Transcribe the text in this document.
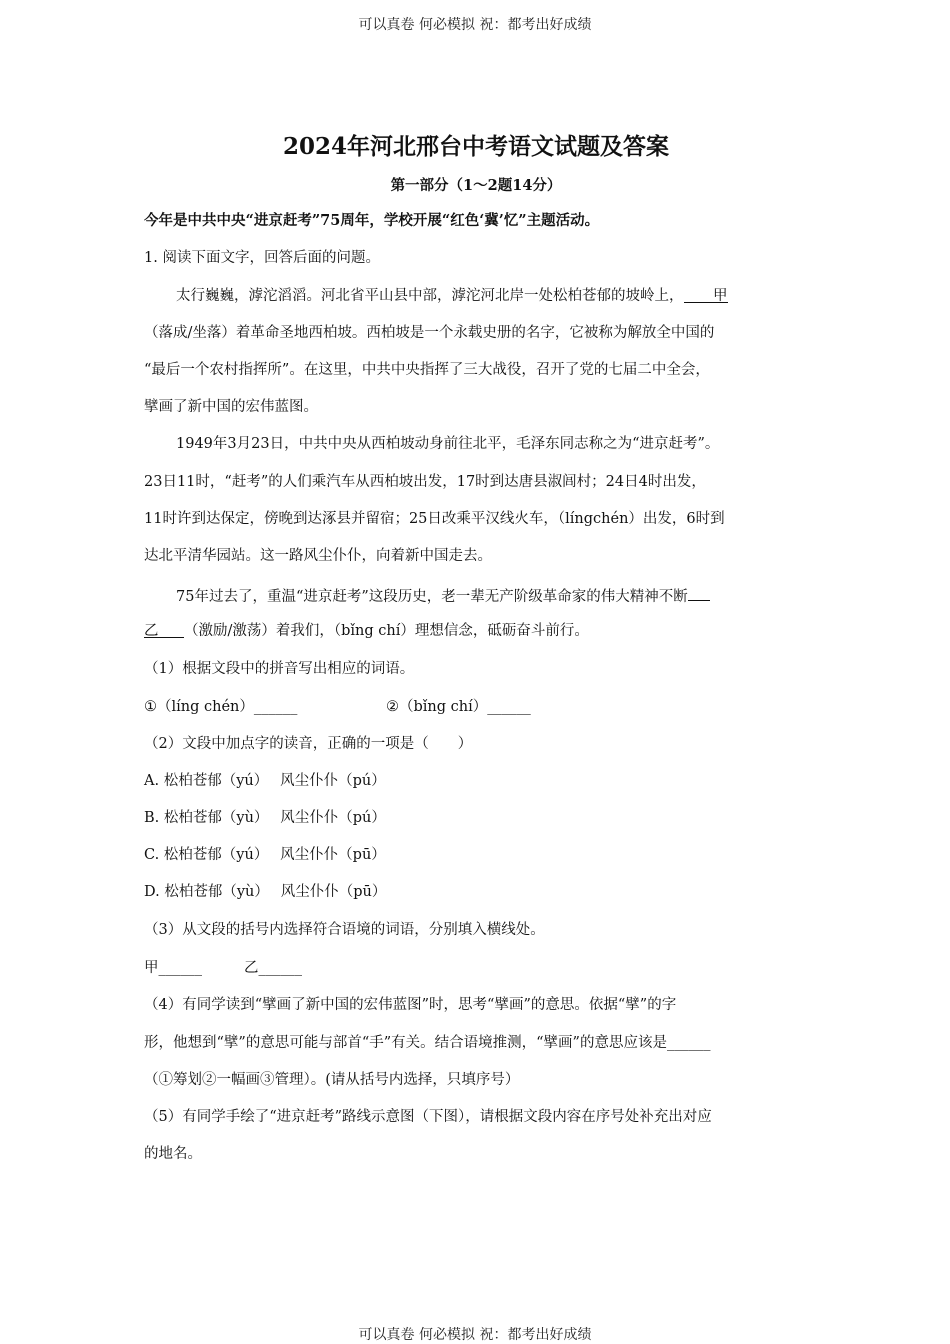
可以真卷 何必模拟 祝：都考出好成绩
2024年河北邢台中考语文试题及答案
第一部分（1～2题14分）
今年是中共中央“进京赶考”75周年，学校开展“红色‘冀’忆”主题活动。
1. 阅读下面文字，回答后面的问题。
太行巍巍，滹沱滔滔。河北省平山县中部，滹沱河北岸一处松柏苍郁的坡岭上， 甲
（落成/坐落）着革命圣地西柏坡。西柏坡是一个永载史册的名字，它被称为解放全中国的
“最后一个农村指挥所”。在这里，中共中央指挥了三大战役，召开了党的七届二中全会，
擘画了新中国的宏伟蓝图。
1949年3月23日，中共中央从西柏坡动身前往北平，毛泽东同志称之为“进京赶考”。
23日11时，“赶考”的人们乘汽车从西柏坡出发，17时到达唐县淑闾村；24日4时出发，
11时许到达保定，傍晚到达涿县并留宿；25日改乘平汉线火车，（língchén）出发，6时到
达北平清华园站。这一路风尘仆仆，向着新中国走去。
75年过去了，重温“进京赶考”这段历史，老一辈无产阶级革命家的伟大精神不断
乙 （激励/激荡）着我们，（bǐng chí）理想信念，砥砺奋斗前行。
（1）根据文段中的拼音写出相应的词语。
①（líng chén）______	②（bǐng chí）______
（2）文段中加点字的读音，正确的一项是（　　）
A. 松柏苍郁（yú）　 风尘仆仆（pú）
B. 松柏苍郁（yù）　 风尘仆仆（pú）
C. 松柏苍郁（yú）　 风尘仆仆（pū）
D. 松柏苍郁（yù）　 风尘仆仆（pū）
（3）从文段的括号内选择符合语境的词语，分别填入横线处。
甲______	乙______
（4）有同学读到“擘画了新中国的宏伟蓝图”时，思考“擘画”的意思。依据“擘”的字
形，他想到“擘”的意思可能与部首“手”有关。结合语境推测，“擘画”的意思应该是______
（①筹划②一幅画③管理）。(请从括号内选择，只填序号）
（5）有同学手绘了“进京赶考”路线示意图（下图），请根据文段内容在序号处补充出对应
的地名。
可以真卷 何必模拟 祝：都考出好成绩
